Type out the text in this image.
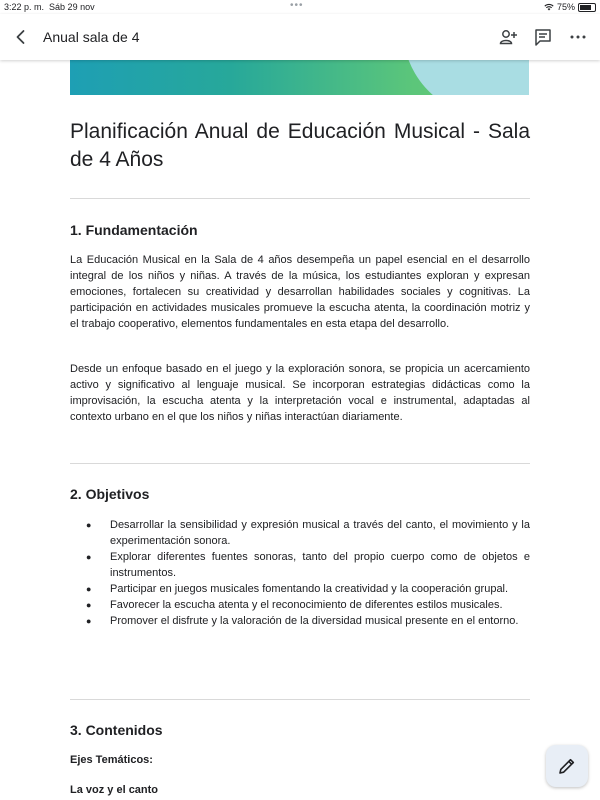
3:22 p. m. Sáb 29 nov	•••	75%
Anual sala de 4
Planificación Anual de Educación Musical - Sala de 4 Años
1. Fundamentación
La Educación Musical en la Sala de 4 años desempeña un papel esencial en el desarrollo integral de los niños y niñas. A través de la música, los estudiantes exploran y expresan emociones, fortalecen su creatividad y desarrollan habilidades sociales y cognitivas. La participación en actividades musicales promueve la escucha atenta, la coordinación motriz y el trabajo cooperativo, elementos fundamentales en esta etapa del desarrollo.
Desde un enfoque basado en el juego y la exploración sonora, se propicia un acercamiento activo y significativo al lenguaje musical. Se incorporan estrategias didácticas como la improvisación, la escucha atenta y la interpretación vocal e instrumental, adaptadas al contexto urbano en el que los niños y niñas interactúan diariamente.
2. Objetivos
● Desarrollar la sensibilidad y expresión musical a través del canto, el movimiento y la experimentación sonora.
● Explorar diferentes fuentes sonoras, tanto del propio cuerpo como de objetos e instrumentos.
● Participar en juegos musicales fomentando la creatividad y la cooperación grupal.
● Favorecer la escucha atenta y el reconocimiento de diferentes estilos musicales.
● Promover el disfrute y la valoración de la diversidad musical presente en el entorno.
3. Contenidos
Ejes Temáticos:
La voz y el canto
